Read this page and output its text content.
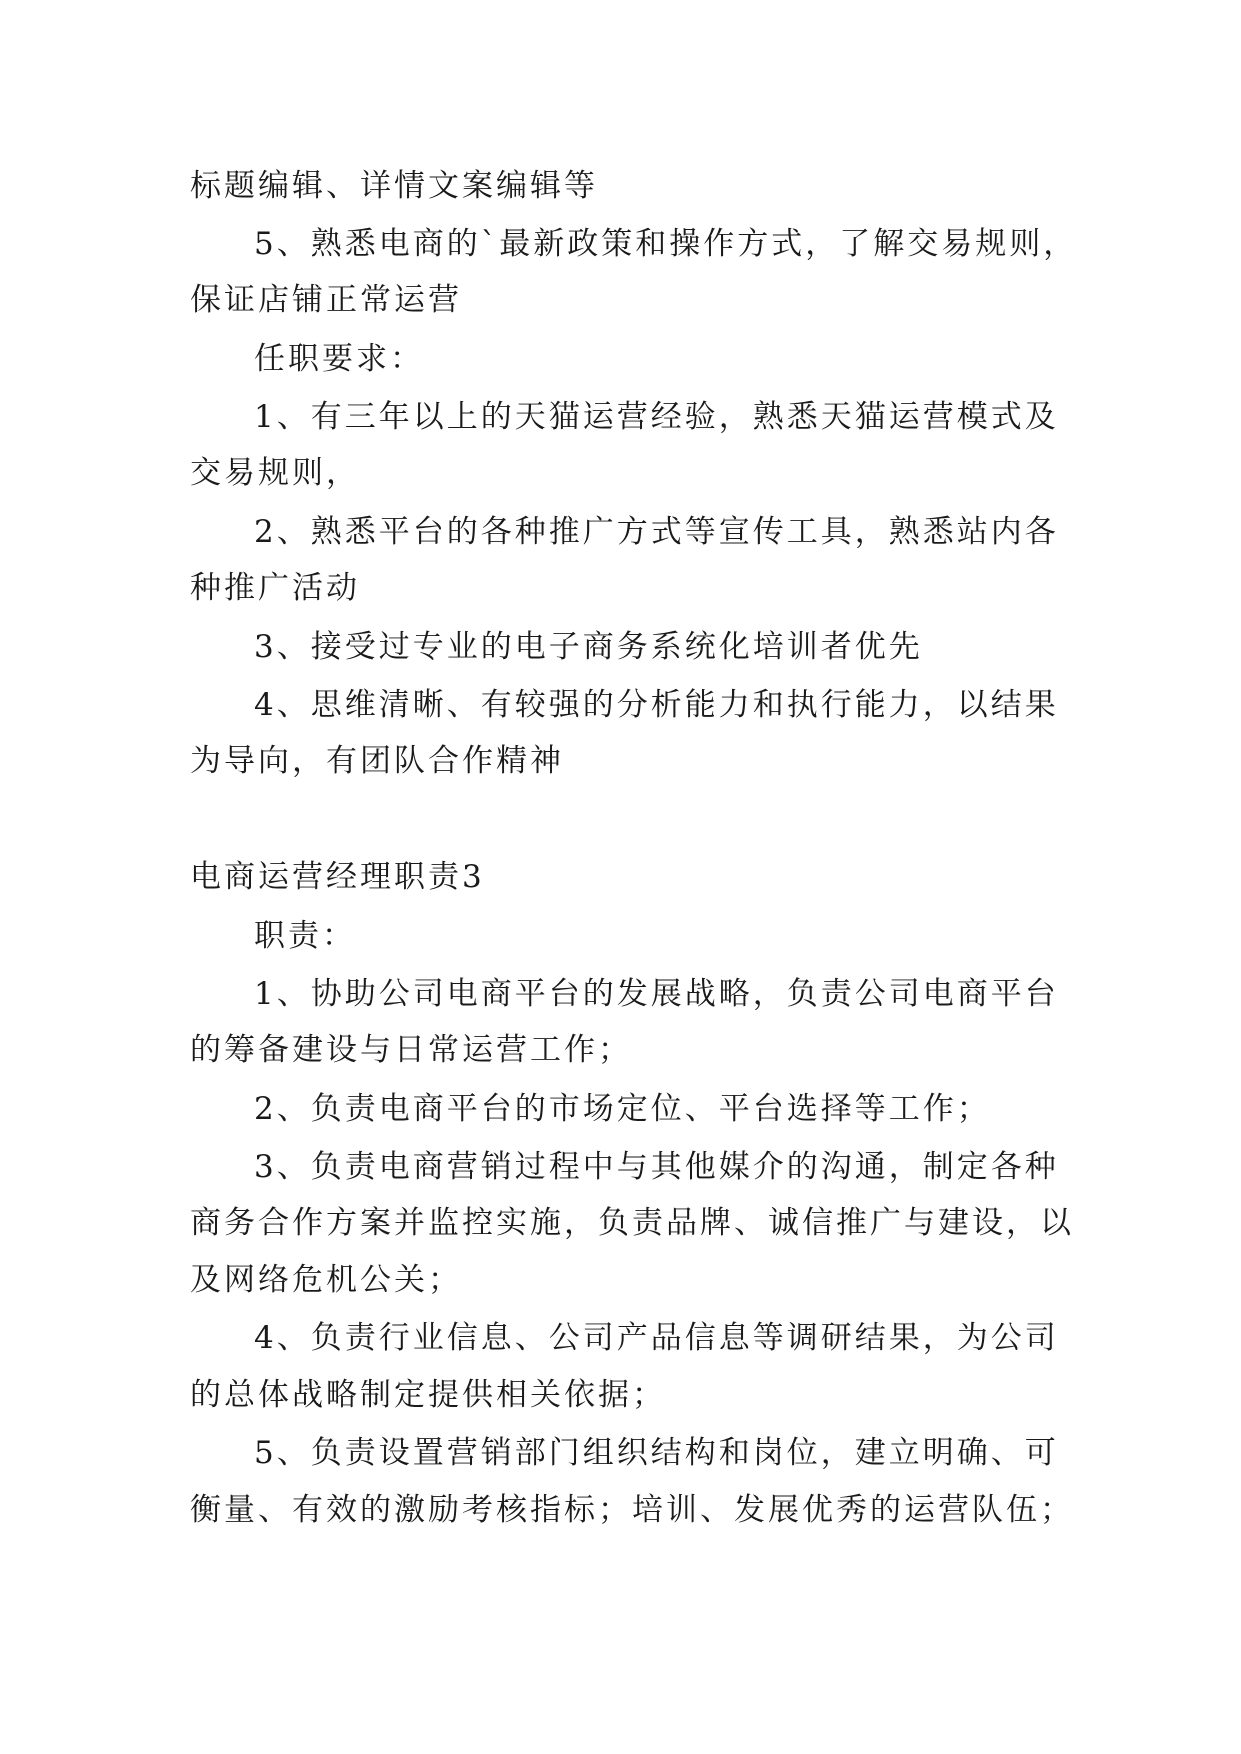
标题编辑、详情文案编辑等
5、熟悉电商的`最新政策和操作方式，了解交易规则，
保证店铺正常运营
任职要求：
1、有三年以上的天猫运营经验，熟悉天猫运营模式及
交易规则，
2、熟悉平台的各种推广方式等宣传工具，熟悉站内各
种推广活动
3、接受过专业的电子商务系统化培训者优先
4、思维清晰、有较强的分析能力和执行能力，以结果
为导向，有团队合作精神
电商运营经理职责3
职责：
1、协助公司电商平台的发展战略，负责公司电商平台
的筹备建设与日常运营工作；
2、负责电商平台的市场定位、平台选择等工作；
3、负责电商营销过程中与其他媒介的沟通，制定各种
商务合作方案并监控实施，负责品牌、诚信推广与建设，以
及网络危机公关；
4、负责行业信息、公司产品信息等调研结果，为公司
的总体战略制定提供相关依据；
5、负责设置营销部门组织结构和岗位，建立明确、可
衡量、有效的激励考核指标；培训、发展优秀的运营队伍；
